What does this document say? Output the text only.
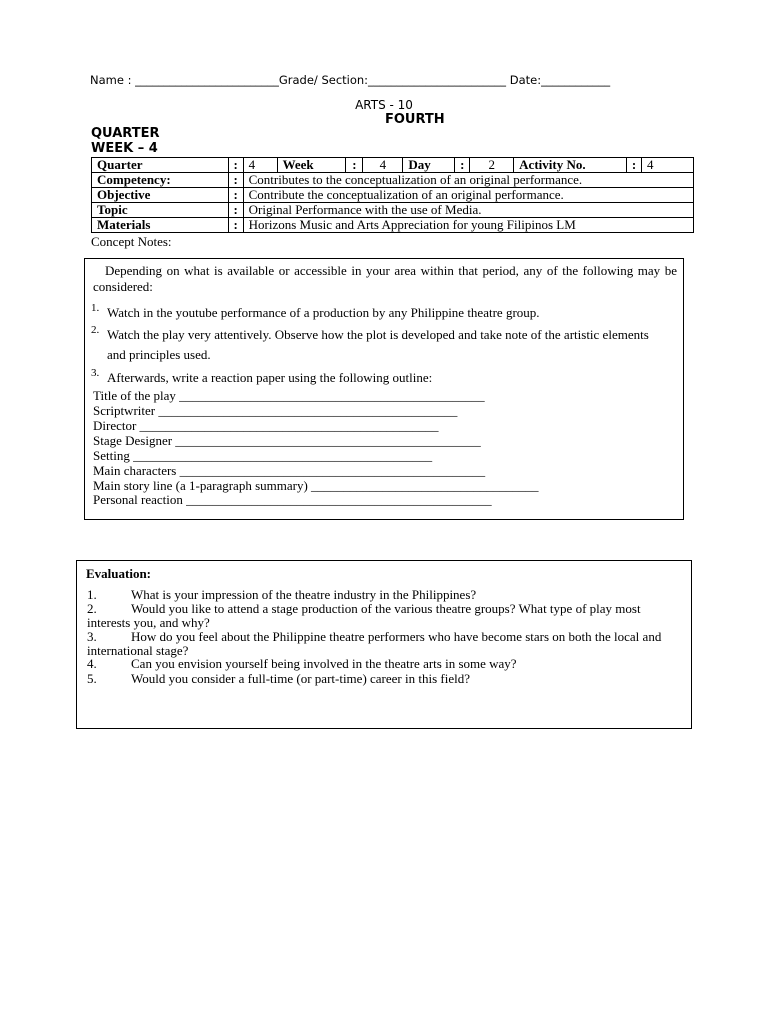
Name : _________________________Grade/ Section:________________________ Date:____________
ARTS - 10
FOURTH
QUARTER
WEEK – 4
Quarter	:	4	Week	:	4	Day	:	2	Activity No.	:	4
Competency:	:	Contributes to the conceptualization of an original performance.									
Objective	:	Contribute the conceptualization of an original performance.									
Topic	:	Original Performance with the use of Media.									
Materials	:	Horizons Music and Arts Appreciation for young Filipinos LM									
Concept Notes:
Depending on what is available or accessible in your area within that period, any of the following may be considered:
1. Watch in the youtube performance of a production by any Philippine theatre group.
2. Watch the play very attentively. Observe how the plot is developed and take note of the artistic elements and principles used.
3. Afterwards, write a reaction paper using the following outline:
Title of the play _______________________________________________
Scriptwriter ______________________________________________
Director ______________________________________________
Stage Designer _______________________________________________
Setting ______________________________________________
Main characters _______________________________________________
Main story line (a 1-paragraph summary) ___________________________________
Personal reaction _______________________________________________
Evaluation:
1.	What is your impression of the theatre industry in the Philippines?
2.	Would you like to attend a stage production of the various theatre groups? What type of play most interests you, and why?
3.	How do you feel about the Philippine theatre performers who have become stars on both the local and international stage?
4.	Can you envision yourself being involved in the theatre arts in some way?
5.	Would you consider a full-time (or part-time) career in this field?
